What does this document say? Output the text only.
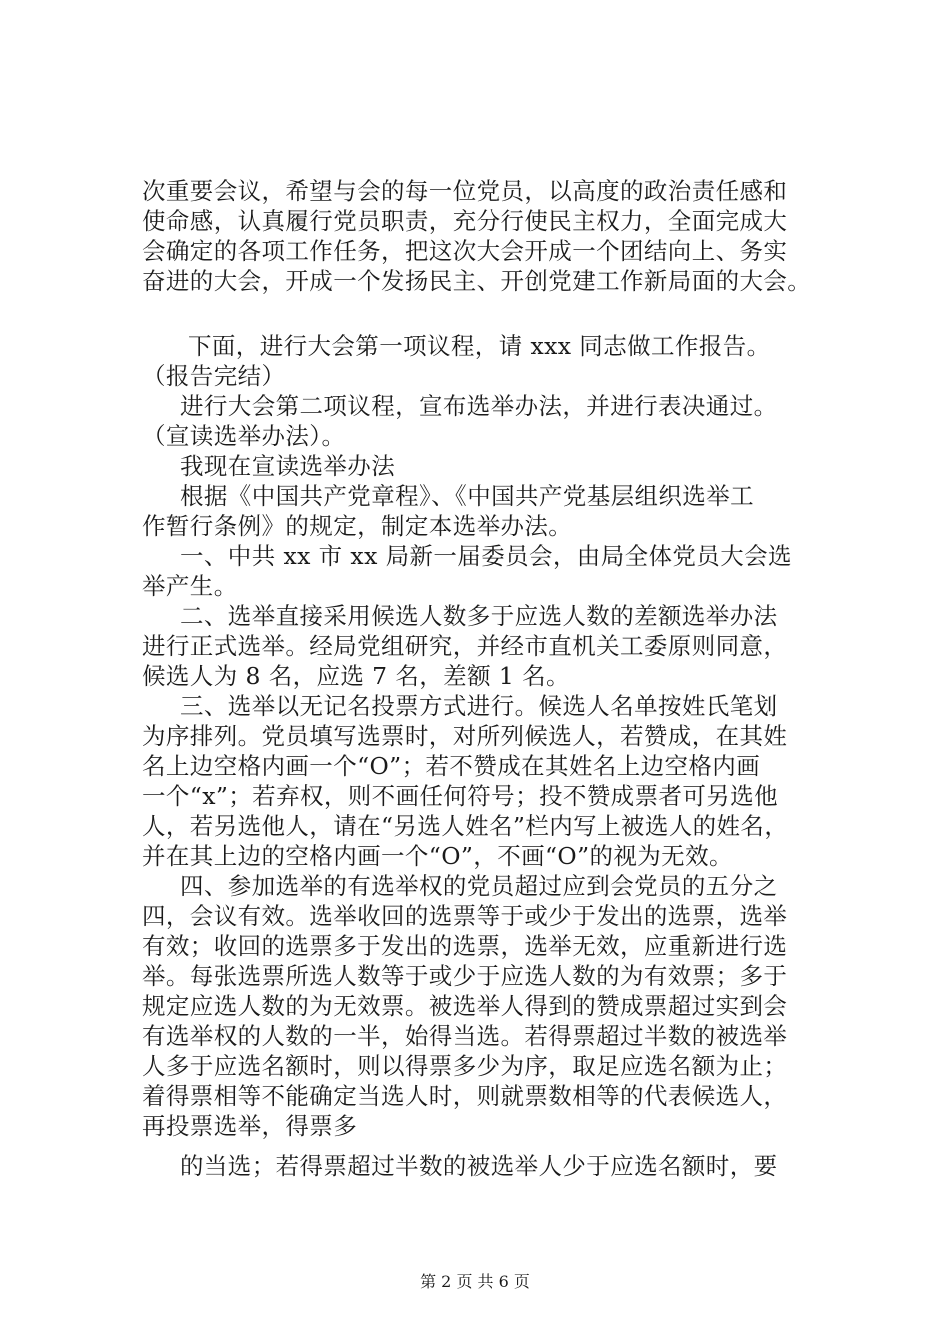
次重要会议，希望与会的每一位党员，以高度的政治责任感和
使命感，认真履行党员职责，充分行使民主权力，全面完成大
会确定的各项工作任务，把这次大会开成一个团结向上、务实
奋进的大会，开成一个发扬民主、开创党建工作新局面的大会。
下面，进行大会第一项议程，请 xxx 同志做工作报告。
（报告完结）
进行大会第二项议程，宣布选举办法，并进行表决通过。
（宣读选举办法）。
我现在宣读选举办法
根据《中国共产党章程》、《中国共产党基层组织选举工
作暂行条例》的规定，制定本选举办法。
一、中共 xx 市 xx 局新一届委员会，由局全体党员大会选
举产生。
二、选举直接采用候选人数多于应选人数的差额选举办法
进行正式选举。经局党组研究，并经市直机关工委原则同意，
候选人为 8 名，应选 7 名，差额 1 名。
三、选举以无记名投票方式进行。候选人名单按姓氏笔划
为序排列。党员填写选票时，对所列候选人，若赞成，在其姓
名上边空格内画一个“O”；若不赞成在其姓名上边空格内画
一个“x”；若弃权，则不画任何符号；投不赞成票者可另选他
人，若另选他人，请在“另选人姓名”栏内写上被选人的姓名，
并在其上边的空格内画一个“O”，不画“O”的视为无效。
四、参加选举的有选举权的党员超过应到会党员的五分之
四，会议有效。选举收回的选票等于或少于发出的选票，选举
有效；收回的选票多于发出的选票，选举无效，应重新进行选
举。每张选票所选人数等于或少于应选人数的为有效票；多于
规定应选人数的为无效票。被选举人得到的赞成票超过实到会
有选举权的人数的一半，始得当选。若得票超过半数的被选举
人多于应选名额时，则以得票多少为序，取足应选名额为止；
着得票相等不能确定当选人时，则就票数相等的代表候选人，
再投票选举，得票多
的当选；若得票超过半数的被选举人少于应选名额时，要
第 2 页 共 6 页
